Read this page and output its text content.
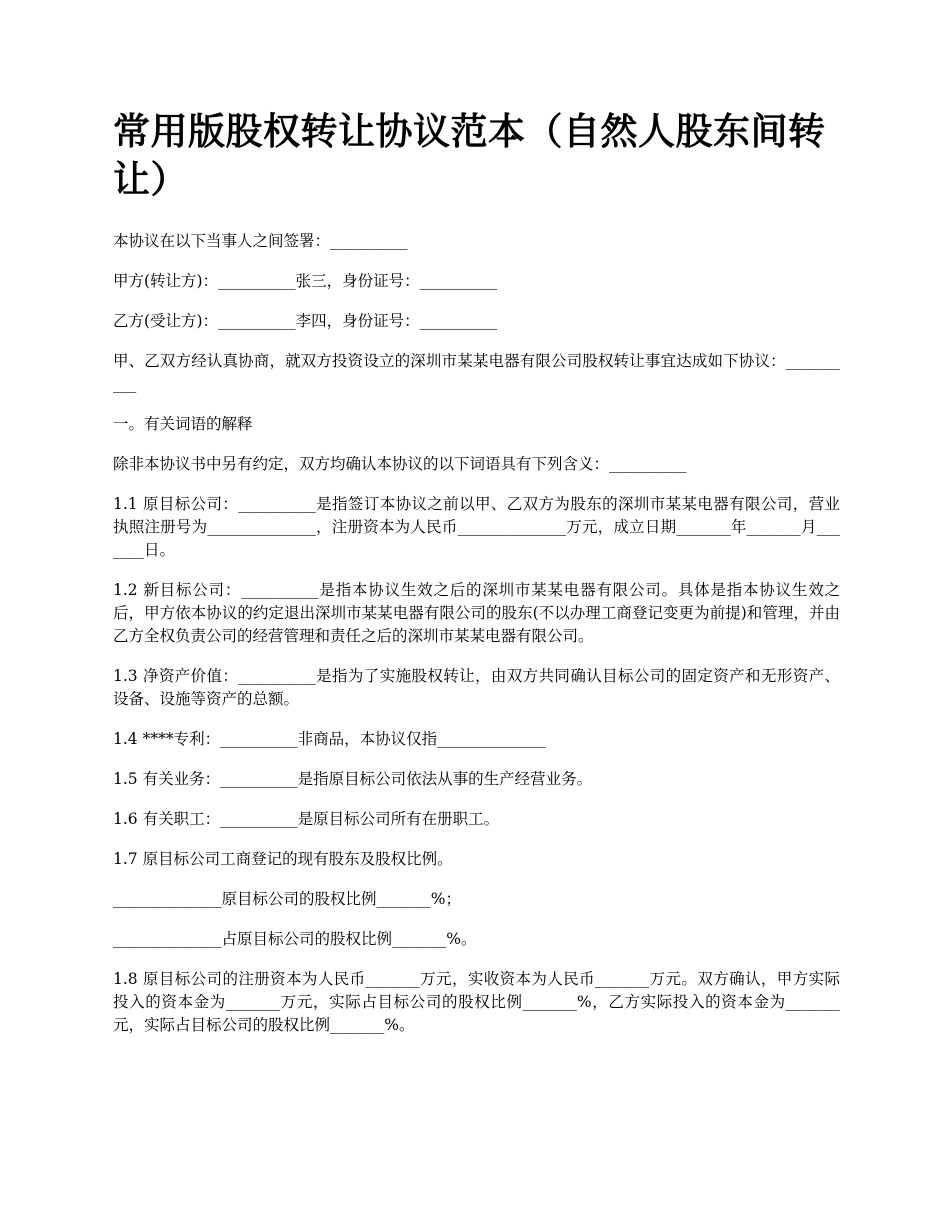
常用版股权转让协议范本（自然人股东间转让）

本协议在以下当事人之间签署：__________

甲方(转让方)：__________张三，身份证号：__________

乙方(受让方)：__________李四，身份证号：__________

甲、乙双方经认真协商，就双方投资设立的深圳市某某电器有限公司股权转让事宜达成如下协议：__________

一。有关词语的解释

除非本协议书中另有约定，双方均确认本协议的以下词语具有下列含义：__________

1.1 原目标公司：__________是指签订本协议之前以甲、乙双方为股东的深圳市某某电器有限公司，营业执照注册号为______________，注册资本为人民币______________万元，成立日期_______年_______月_______日。

1.2 新目标公司：__________是指本协议生效之后的深圳市某某电器有限公司。具体是指本协议生效之后，甲方依本协议的约定退出深圳市某某电器有限公司的股东(不以办理工商登记变更为前提)和管理，并由乙方全权负责公司的经营管理和责任之后的深圳市某某电器有限公司。

1.3 净资产价值：__________是指为了实施股权转让，由双方共同确认目标公司的固定资产和无形资产、设备、设施等资产的总额。

1.4 ****专利：__________非商品，本协议仅指______________

1.5 有关业务：__________是指原目标公司依法从事的生产经营业务。

1.6 有关职工：__________是原目标公司所有在册职工。

1.7 原目标公司工商登记的现有股东及股权比例。

______________原目标公司的股权比例_______%；

______________占原目标公司的股权比例_______%。

1.8 原目标公司的注册资本为人民币_______万元，实收资本为人民币_______万元。双方确认，甲方实际投入的资本金为_______万元，实际占目标公司的股权比例_______%，乙方实际投入的资本金为_______元，实际占目标公司的股权比例_______%。
